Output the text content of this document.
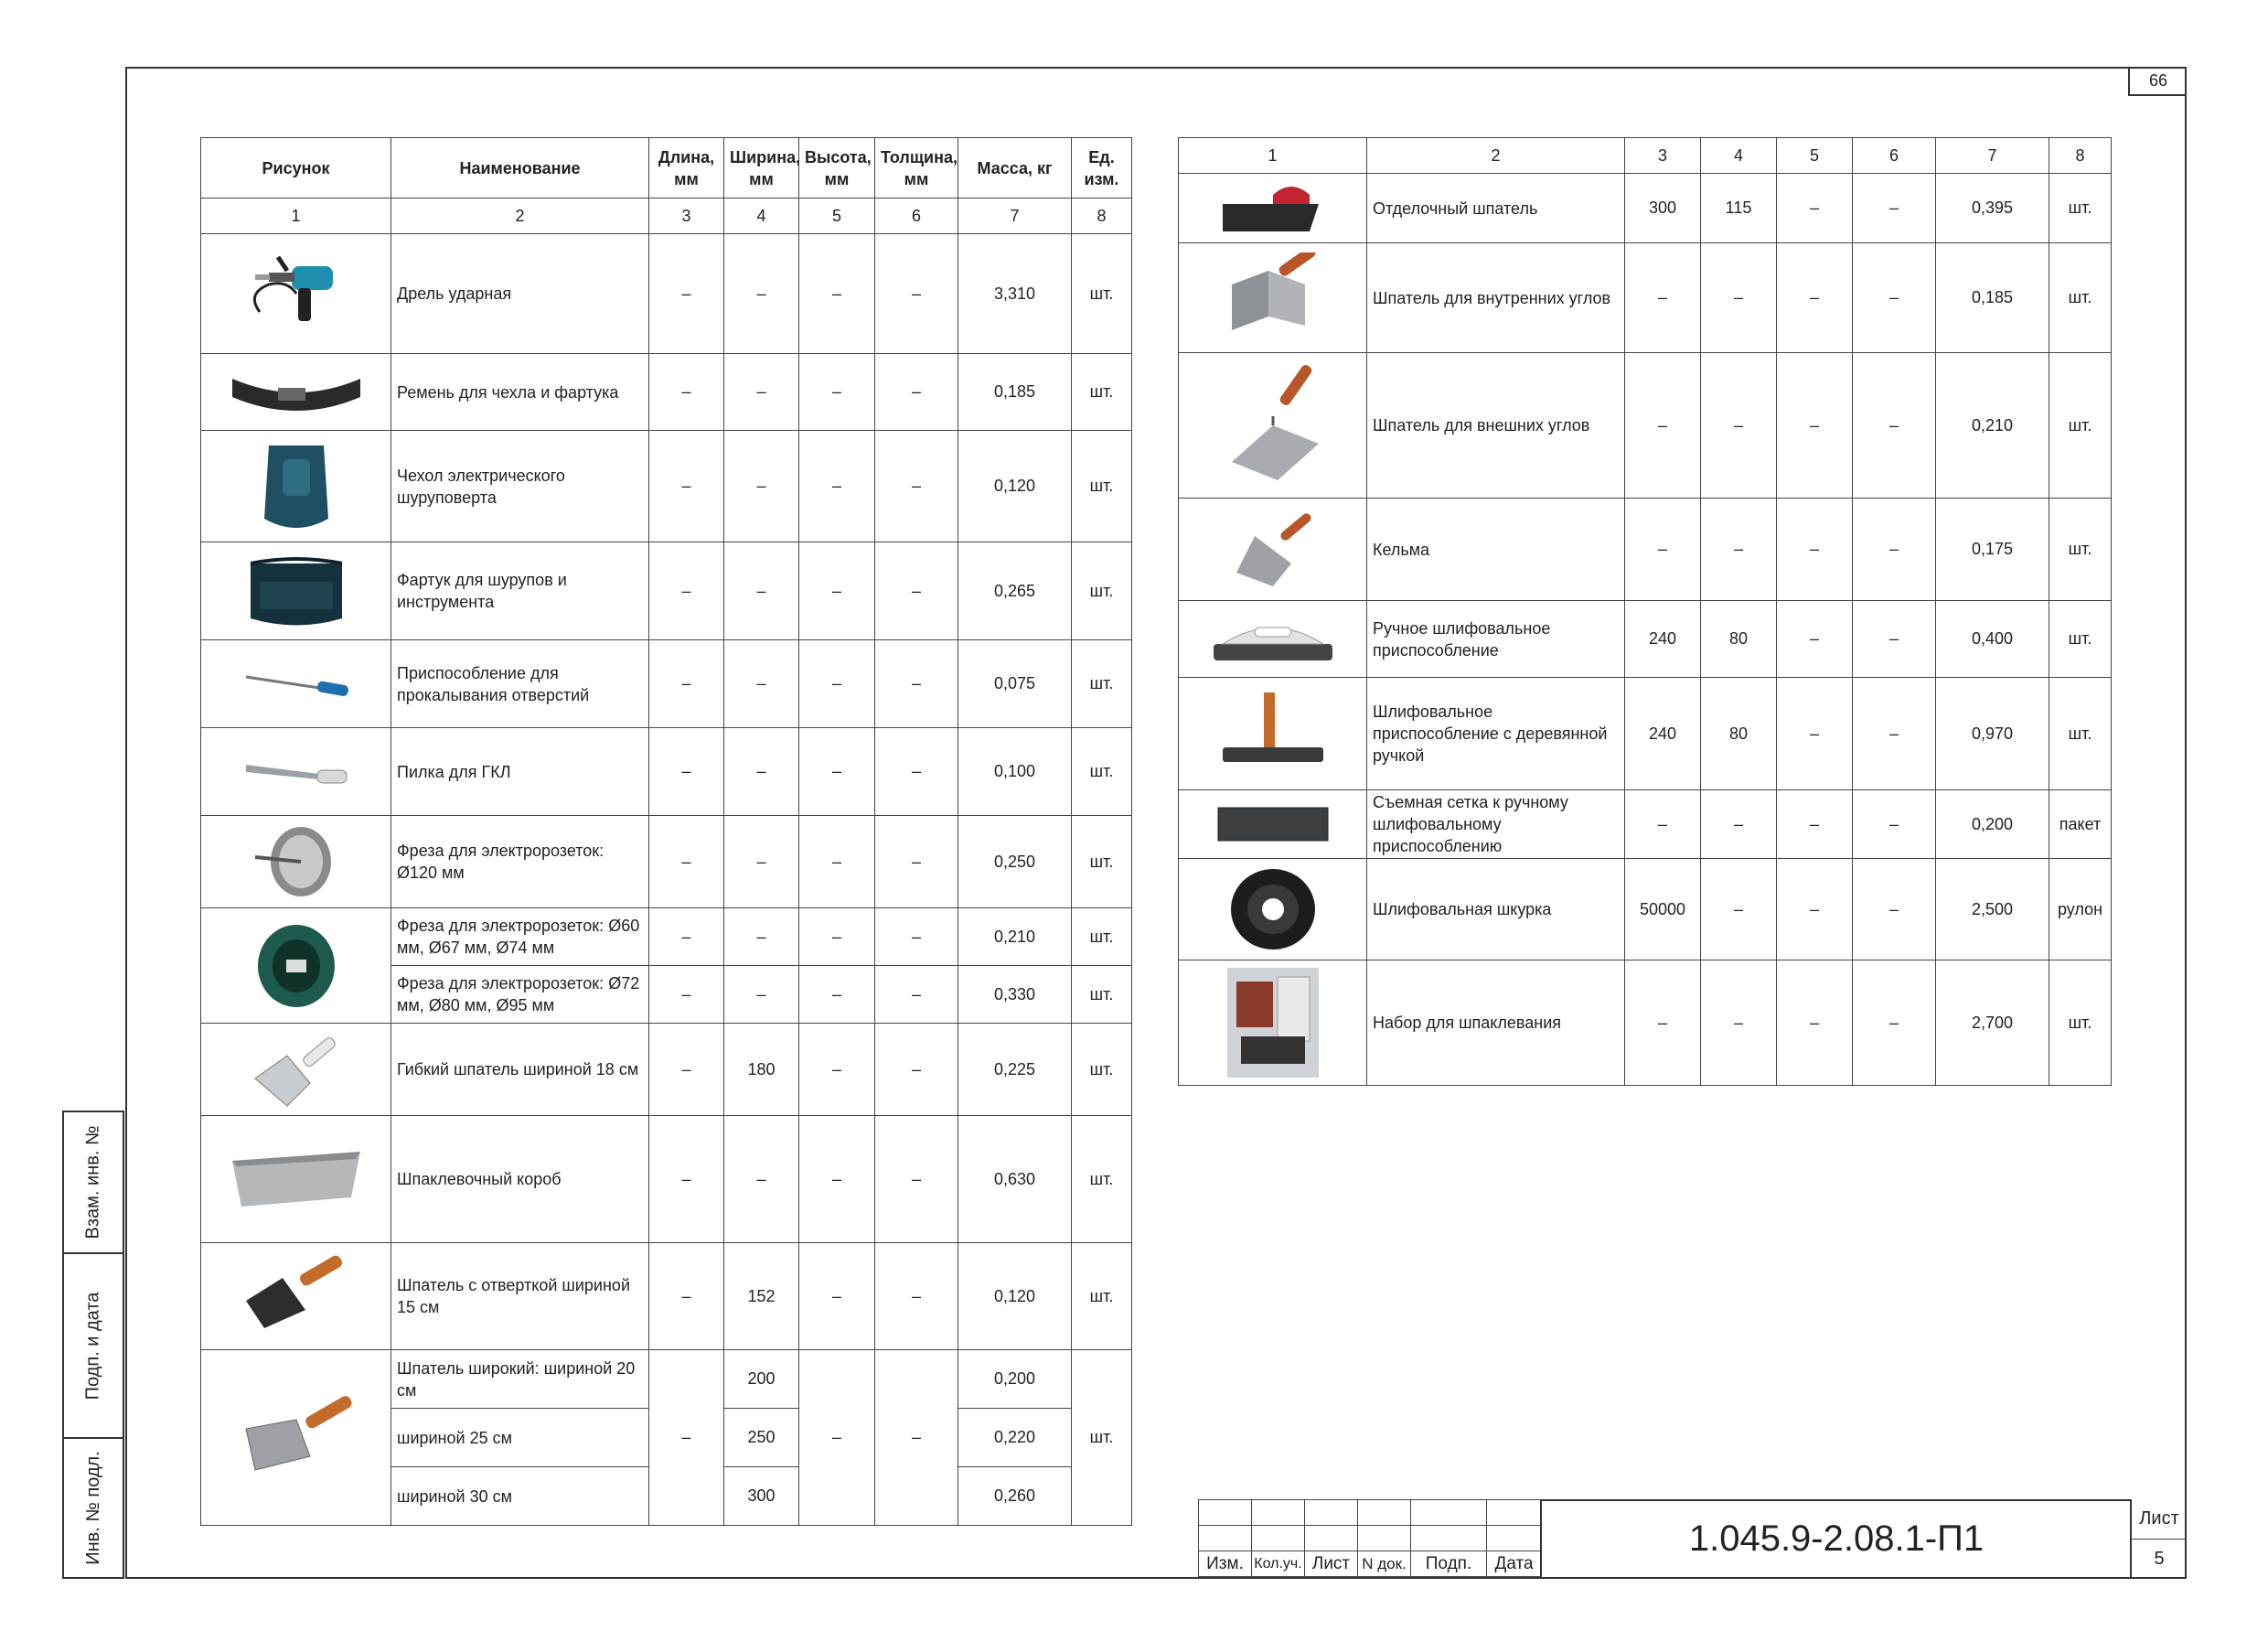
66
Рисунок	Наименование	Длина, мм	Ширина, мм	Высота, мм	Толщина, мм	Масса, кг	Ед. изм.
1	2	3	4	5	6	7	8

	Дрель ударная	–	–	–	–	3,310	шт.

	Ремень для чехла и фартука	–	–	–	–	0,185	шт.

	Чехол электрического шуруповерта	–	–	–	–	0,120	шт.

	Фартук для шурупов и инструмента	–	–	–	–	0,265	шт.

	Приспособление для прокалывания отверстий	–	–	–	–	0,075	шт.

	Пилка для ГКЛ	–	–	–	–	0,100	шт.

	Фреза для электророзеток: Ø120 мм	–	–	–	–	0,250	шт.

	Фреза для электророзеток: Ø60 мм, Ø67 мм, Ø74 мм	–	–	–	–	0,210	шт.
	Фреза для электророзеток: Ø72 мм, Ø80 мм, Ø95 мм	–	–	–	–	0,330	шт.

	Гибкий шпатель шириной 18 см	–	180	–	–	0,225	шт.

	Шпаклевочный короб	–	–	–	–	0,630	шт.

	Шпатель с отверткой шириной 15 см	–	152	–	–	0,120	шт.

	Шпатель широкий: шириной 20 см	–	200	–	–	0,200	шт.
	шириной 25 см		250			0,220	
	шириной 30 см		300			0,260	
1	2	3	4	5	6	7	8

	Отделочный шпатель	300	115	–	–	0,395	шт.

	Шпатель для внутренних углов	–	–	–	–	0,185	шт.

	Шпатель для внешних углов	–	–	–	–	0,210	шт.

	Кельма	–	–	–	–	0,175	шт.

	Ручное шлифовальное приспособление	240	80	–	–	0,400	шт.

	Шлифовальное приспособление с деревянной ручкой	240	80	–	–	0,970	шт.

	Съемная сетка к ручному шлифовальному приспособлению	–	–	–	–	0,200	пакет

	Шлифовальная шкурка	50000	–	–	–	2,500	рулон

	Набор для шпаклевания	–	–	–	–	2,700	шт.
Взам. инв. №
Подп. и дата
Инв. № подл.

						Изм.	Кол.уч.	Лист	N док.	Подп.	Дата
1.045.9-2.08.1-П1	Лист
5
